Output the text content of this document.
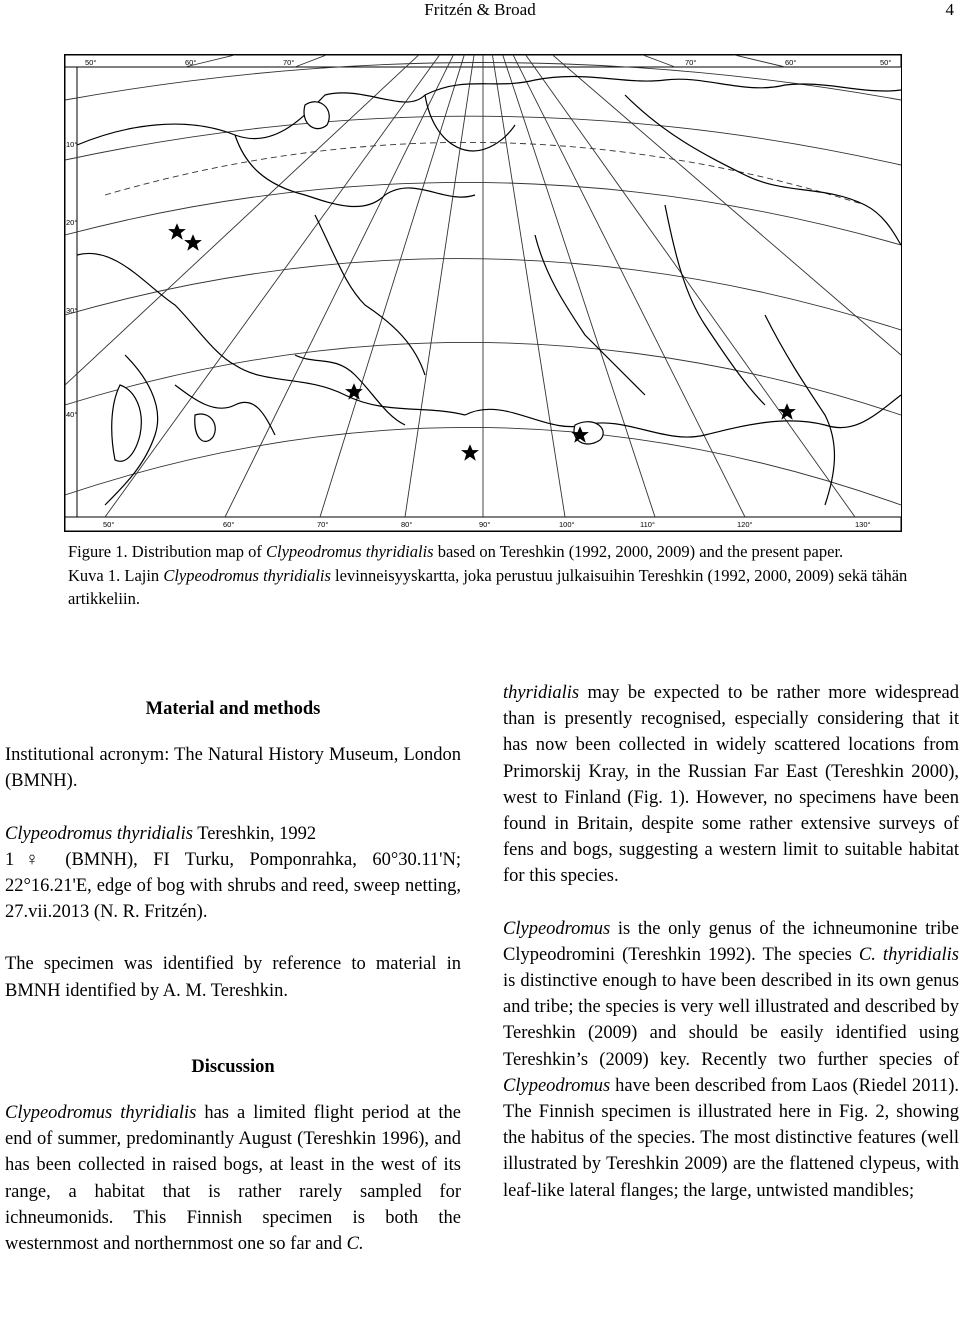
Fritzén & Broad	4
50°	60°	70°	70°	60°	50°
10°
20°
30°
40°
50°	60°	70°	80°	90°	100°	110°	120°	130°

Figure 1. Distribution map of Clypeodromus thyridialis based on Tereshkin (1992, 2000, 2009) and the present paper.

Kuva 1. Lajin Clypeodromus thyridialis levinneisyyskartta, joka perustuu julkaisuihin Tereshkin (1992, 2000, 2009) sekä tähän artikkeliin.

Material and methods

Institutional acronym: The Natural History Museum, London (BMNH).

Clypeodromus thyridialis Tereshkin, 1992

1♀ (BMNH), FI Turku, Pomponrahka, 60°30.11'N; 22°16.21'E, edge of bog with shrubs and reed, sweep netting, 27.vii.2013 (N. R. Fritzén).

The specimen was identified by reference to material in BMNH identified by A. M. Tereshkin.

Discussion

Clypeodromus thyridialis has a limited flight period at the end of summer, predominantly August (Tereshkin 1996), and has been collected in raised bogs, at least in the west of its range, a habitat that is rather rarely sampled for ichneumonids. This Finnish specimen is both the westernmost and northernmost one so far and C.

thyridialis may be expected to be rather more widespread than is presently recognised, especially considering that it has now been collected in widely scattered locations from Primorskij Kray, in the Russian Far East (Tereshkin 2000), west to Finland (Fig. 1). However, no specimens have been found in Britain, despite some rather extensive surveys of fens and bogs, suggesting a western limit to suitable habitat for this species.

Clypeodromus is the only genus of the ichneumonine tribe Clypeodromini (Tereshkin 1992). The species C. thyridialis is distinctive enough to have been described in its own genus and tribe; the species is very well illustrated and described by Tereshkin (2009) and should be easily identified using Tereshkin’s (2009) key. Recently two further species of Clypeodromus have been described from Laos (Riedel 2011). The Finnish specimen is illustrated here in Fig. 2, showing the habitus of the species. The most distinctive features (well illustrated by Tereshkin 2009) are the flattened clypeus, with leaf-like lateral flanges; the large, untwisted mandibles;
